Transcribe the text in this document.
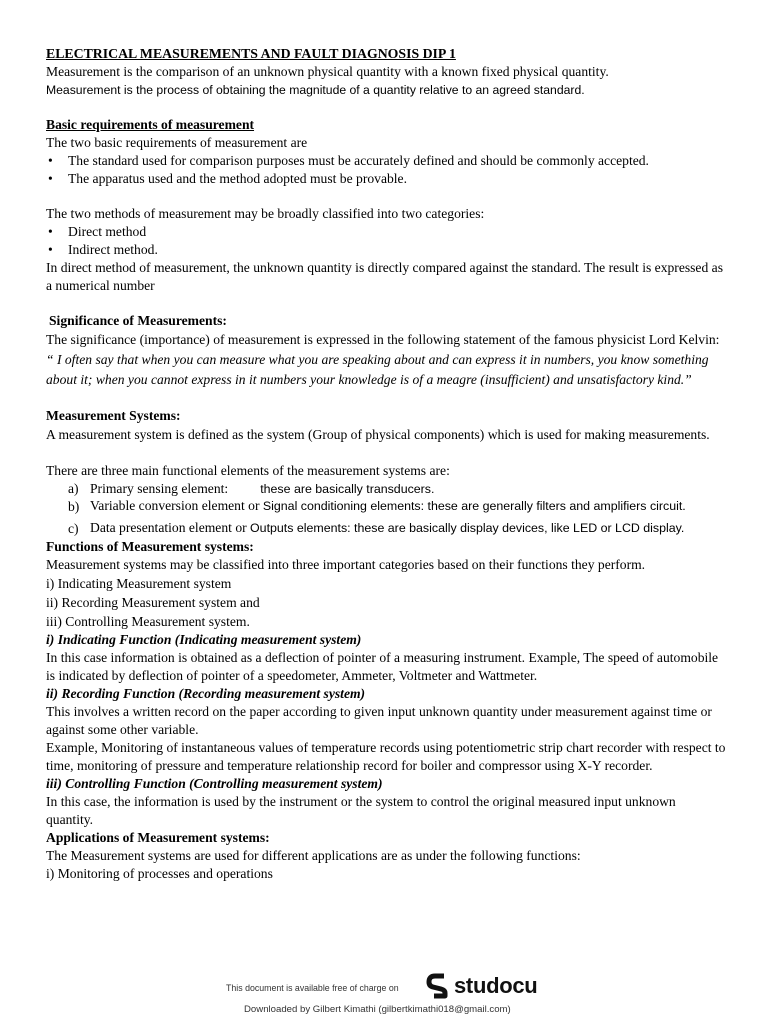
ELECTRICAL MEASUREMENTS AND FAULT DIAGNOSIS DIP 1

Measurement is the comparison of an unknown physical quantity with a known fixed physical quantity.

Measurement is the process of obtaining the magnitude of a quantity relative to an agreed standard.

Basic requirements of measurement

The two basic requirements of measurement are

• The standard used for comparison purposes must be accurately defined and should be commonly accepted.
• The apparatus used and the method adopted must be provable.

The two methods of measurement may be broadly classified into two categories:

• Direct method
• Indirect method.

In direct method of measurement, the unknown quantity is directly compared against the standard. The result is expressed as a numerical number

Significance of Measurements:

The significance (importance) of measurement is expressed in the following statement of the famous physicist Lord Kelvin: “ I often say that when you can measure what you are speaking about and can express it in numbers, you know something about it; when you cannot express in it numbers your knowledge is of a meagre (insufficient) and unsatisfactory kind.”

Measurement Systems:

A measurement system is defined as the system (Group of physical components) which is used for making measurements.

There are three main functional elements of the measurement systems are:

a) Primary sensing element:	these are basically transducers.
b) Variable conversion element or Signal conditioning elements: these are generally filters and amplifiers circuit.
c) Data presentation element or Outputs elements: these are basically display devices, like LED or LCD display.

Functions of Measurement systems:

Measurement systems may be classified into three important categories based on their functions they perform.

i) Indicating Measurement system

ii) Recording Measurement system and

iii) Controlling Measurement system.

i) Indicating Function (Indicating measurement system)

In this case information is obtained as a deflection of pointer of a measuring instrument. Example, The speed of automobile is indicated by deflection of pointer of a speedometer, Ammeter, Voltmeter and Wattmeter.

ii) Recording Function (Recording measurement system)

This involves a written record on the paper according to given input unknown quantity under measurement against time or against some other variable.

Example, Monitoring of instantaneous values of temperature records using potentiometric strip chart recorder with respect to time, monitoring of pressure and temperature relationship record for boiler and compressor using X-Y recorder.

iii) Controlling Function (Controlling measurement system)

In this case, the information is used by the instrument or the system to control the original measured input unknown quantity.

Applications of Measurement systems:

The Measurement systems are used for different applications are as under the following functions:

i) Monitoring of processes and operations

This document is available free of charge on	studocu
Downloaded by Gilbert Kimathi (gilbertkimathi018@gmail.com)
